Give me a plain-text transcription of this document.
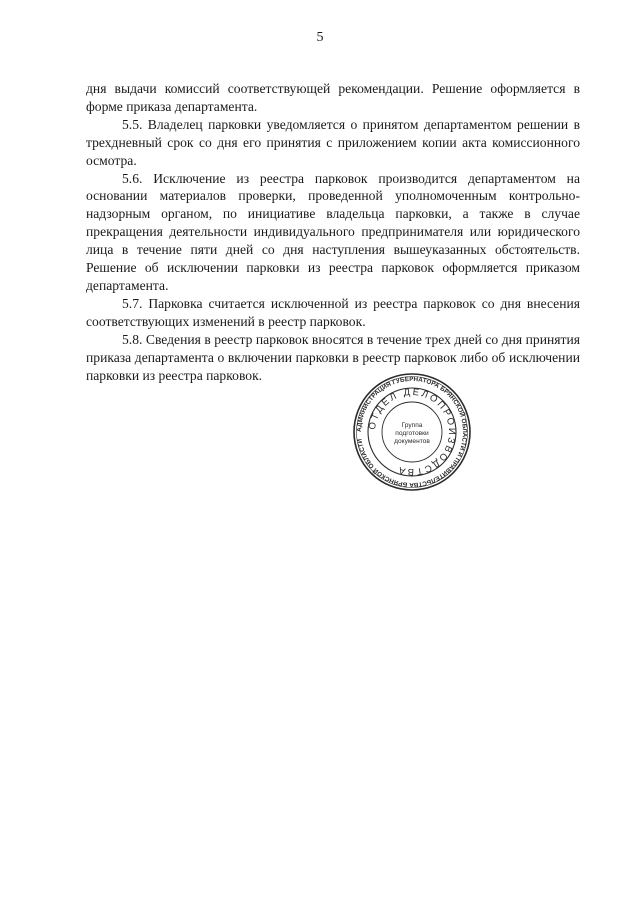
5

дня выдачи комиссий соответствующей рекомендации. Решение оформляется в форме приказа департамента.

5.5. Владелец парковки уведомляется о принятом департаментом решении в трехдневный срок со дня его принятия с приложением копии акта комиссионного осмотра.

5.6. Исключение из реестра парковок производится департаментом на основании материалов проверки, проведенной уполномоченным контрольно-надзорным органом, по инициативе владельца парковки, а также в случае прекращения деятельности индивидуального предпринимателя или юридического лица в течение пяти дней со дня наступления вышеуказанных обстоятельств. Решение об исключении парковки из реестра парковок оформляется приказом департамента.

5.7. Парковка считается исключенной из реестра парковок со дня внесения соответствующих изменений в реестр парковок.

5.8. Сведения в реестр парковок вносятся в течение трех дней со дня принятия приказа департамента о включении парковки в реестр парковок либо об исключении парковки из реестра парковок.

АДМИНИСТРАЦИЯ ГУБЕРНАТОРА БРЯНСКОЙ ОБЛАСТИ И ПРАВИТЕЛЬСТВА БРЯНСКОЙ ОБЛАСТИ
ОТДЕЛ ДЕЛОПРОИЗВОДСТВА
Группа
подготовки
документов
